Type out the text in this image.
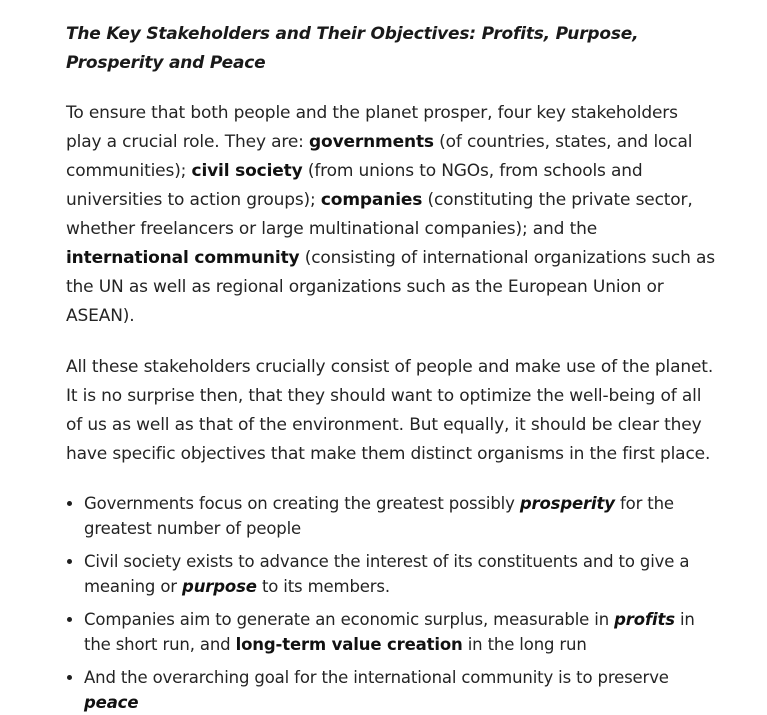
The Key Stakeholders and Their Objectives: Profits, Purpose, Prosperity and Peace

To ensure that both people and the planet prosper, four key stakeholders play a crucial role. They are: governments (of countries, states, and local communities); civil society (from unions to NGOs, from schools and universities to action groups); companies (constituting the private sector, whether freelancers or large multinational companies); and the international community (consisting of international organizations such as the UN as well as regional organizations such as the European Union or ASEAN).

All these stakeholders crucially consist of people and make use of the planet. It is no surprise then, that they should want to optimize the well-being of all of us as well as that of the environment. But equally, it should be clear they have specific objectives that make them distinct organisms in the first place.

Governments focus on creating the greatest possibly prosperity for the greatest number of people
Civil society exists to advance the interest of its constituents and to give a meaning or purpose to its members.
Companies aim to generate an economic surplus, measurable in profits in the short run, and long-term value creation in the long run
And the overarching goal for the international community is to preserve peace
